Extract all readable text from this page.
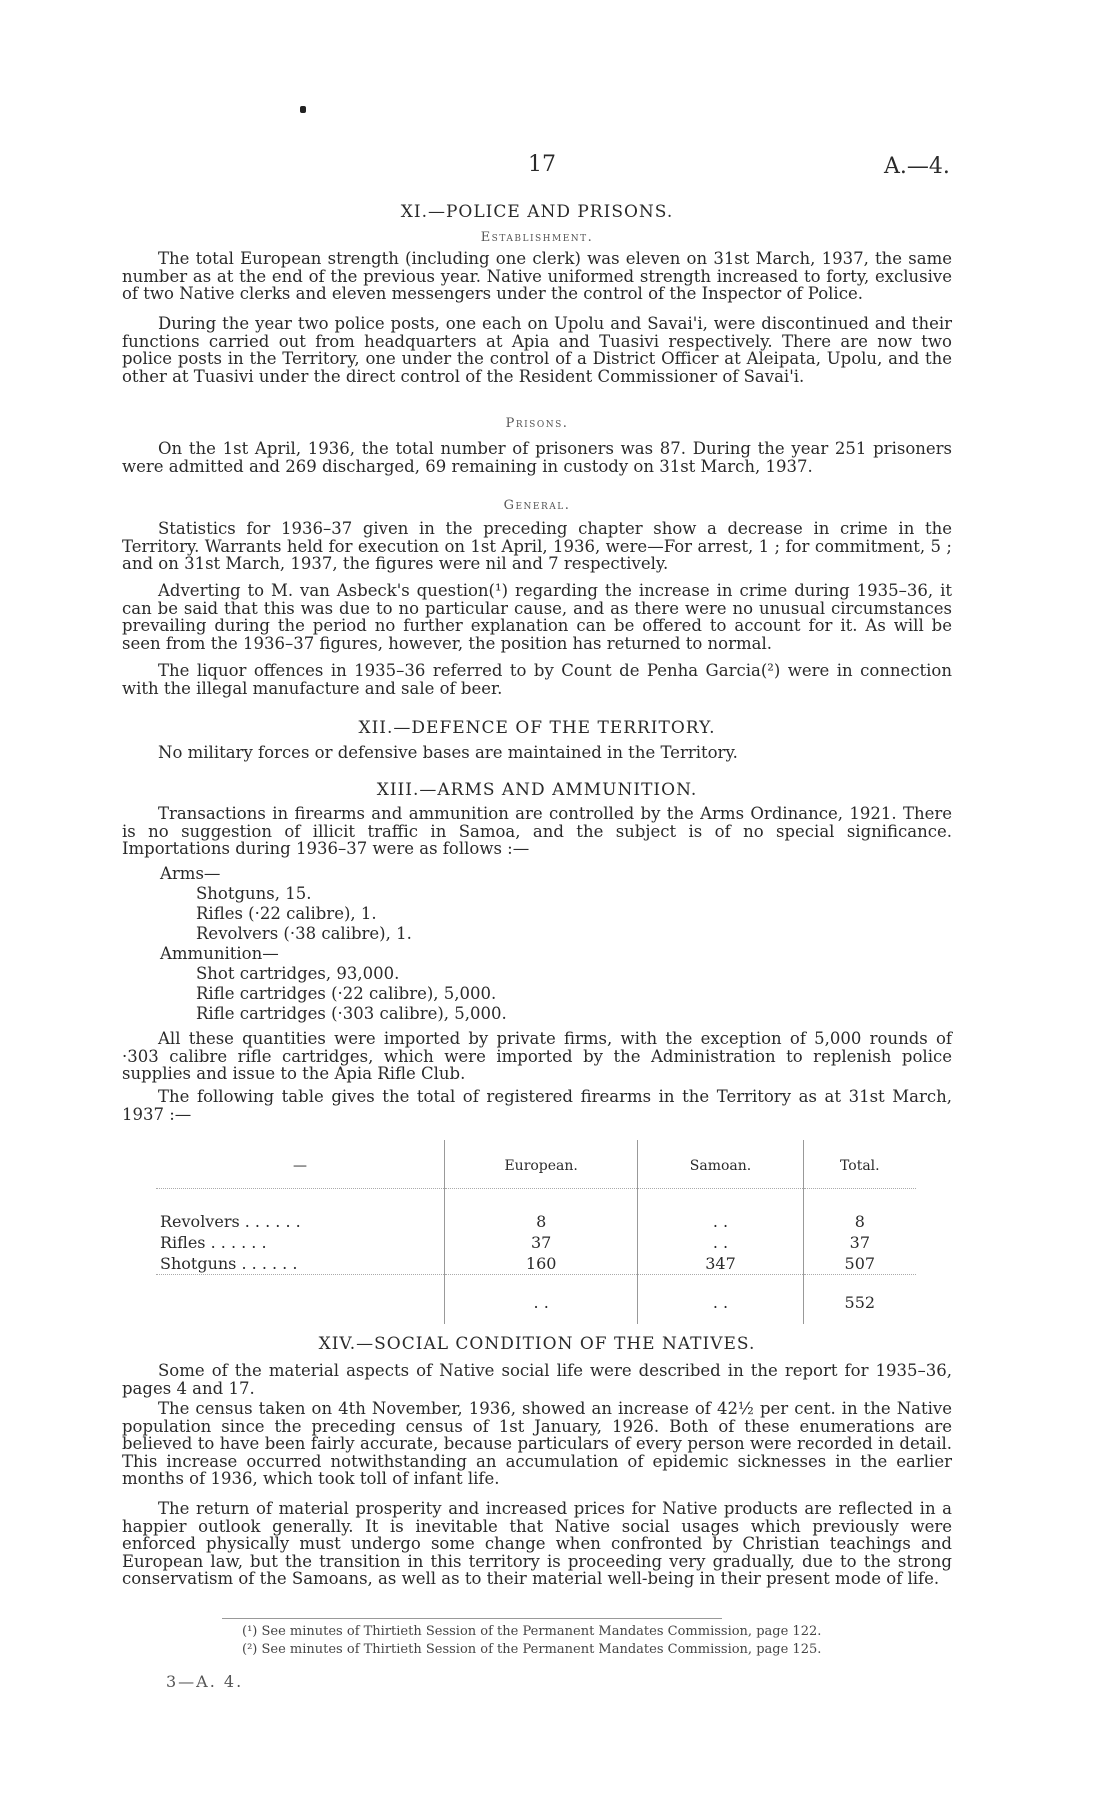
17	A.—4.
XI.—POLICE AND PRISONS.
Establishment.

The total European strength (including one clerk) was eleven on 31st March, 1937, the same number as at the end of the previous year. Native uniformed strength increased to forty, exclusive of two Native clerks and eleven messengers under the control of the Inspector of Police.

During the year two police posts, one each on Upolu and Savai'i, were discontinued and their functions carried out from headquarters at Apia and Tuasivi respectively. There are now two police posts in the Territory, one under the control of a District Officer at Aleipata, Upolu, and the other at Tuasivi under the direct control of the Resident Commissioner of Savai'i.

Prisons.

On the 1st April, 1936, the total number of prisoners was 87. During the year 251 prisoners were admitted and 269 discharged, 69 remaining in custody on 31st March, 1937.

General.

Statistics for 1936–37 given in the preceding chapter show a decrease in crime in the Territory. Warrants held for execution on 1st April, 1936, were—For arrest, 1 ; for commitment, 5 ; and on 31st March, 1937, the figures were nil and 7 respectively.

Adverting to M. van Asbeck's question(¹) regarding the increase in crime during 1935–36, it can be said that this was due to no particular cause, and as there were no unusual circumstances prevailing during the period no further explanation can be offered to account for it. As will be seen from the 1936–37 figures, however, the position has returned to normal.

The liquor offences in 1935–36 referred to by Count de Penha Garcia(²) were in connection with the illegal manufacture and sale of beer.

XII.—DEFENCE OF THE TERRITORY.

No military forces or defensive bases are maintained in the Territory.

XIII.—ARMS AND AMMUNITION.

Transactions in firearms and ammunition are controlled by the Arms Ordinance, 1921. There is no suggestion of illicit traffic in Samoa, and the subject is of no special significance. Importations during 1936–37 were as follows :—

Arms—
Shotguns, 15.
Rifles (·22 calibre), 1.
Revolvers (·38 calibre), 1.
Ammunition—
Shot cartridges, 93,000.
Rifle cartridges (·22 calibre), 5,000.
Rifle cartridges (·303 calibre), 5,000.

All these quantities were imported by private firms, with the exception of 5,000 rounds of ·303 calibre rifle cartridges, which were imported by the Administration to replenish police supplies and issue to the Apia Rifle Club.

The following table gives the total of registered firearms in the Territory as at 31st March, 1937 :—

—	European.	Samoan.	Total.

Revolvers . . . . . .	8	. .	8
Rifles . . . . . .	37	. .	37
Shotguns . . . . . .	160	347	507
	. .	. .	552
XIV.—SOCIAL CONDITION OF THE NATIVES.

Some of the material aspects of Native social life were described in the report for 1935–36, pages 4 and 17.

The census taken on 4th November, 1936, showed an increase of 42½ per cent. in the Native population since the preceding census of 1st January, 1926. Both of these enumerations are believed to have been fairly accurate, because particulars of every person were recorded in detail. This increase occurred notwithstanding an accumulation of epidemic sicknesses in the earlier months of 1936, which took toll of infant life.

The return of material prosperity and increased prices for Native products are reflected in a happier outlook generally. It is inevitable that Native social usages which previously were enforced physically must undergo some change when confronted by Christian teachings and European law, but the transition in this territory is proceeding very gradually, due to the strong conservatism of the Samoans, as well as to their material well-being in their present mode of life.

(¹) See minutes of Thirtieth Session of the Permanent Mandates Commission, page 122.
(²) See minutes of Thirtieth Session of the Permanent Mandates Commission, page 125.
3—A. 4.
